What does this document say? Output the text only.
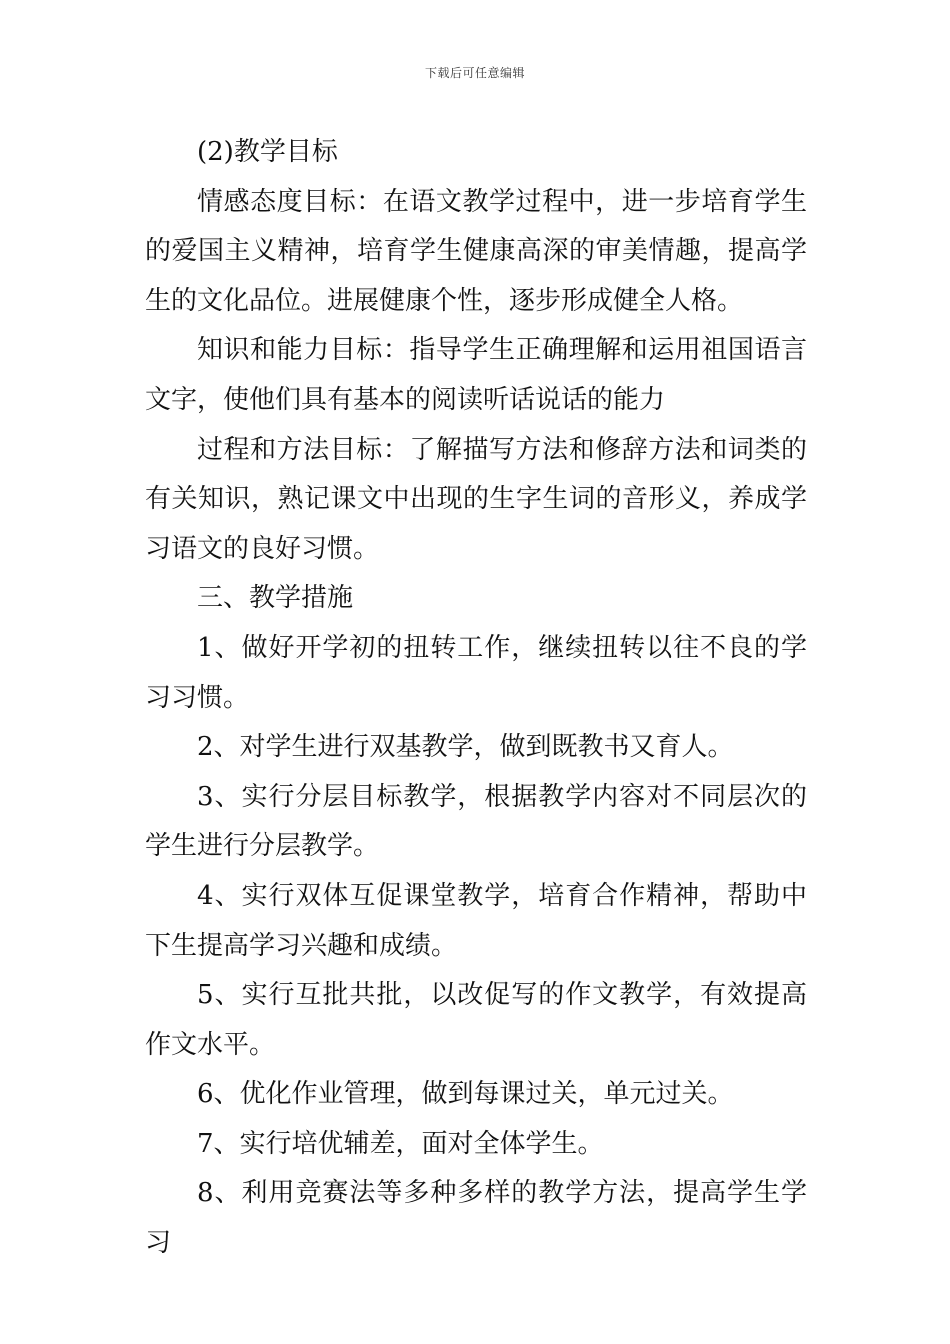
下载后可任意编辑

(2)教学目标

情感态度目标：在语文教学过程中，进一步培育学生的爱国主义精神，培育学生健康高深的审美情趣，提高学生的文化品位。进展健康个性，逐步形成健全人格。

知识和能力目标：指导学生正确理解和运用祖国语言文字，使他们具有基本的阅读听话说话的能力

过程和方法目标：了解描写方法和修辞方法和词类的有关知识，熟记课文中出现的生字生词的音形义，养成学习语文的良好习惯。

三、教学措施

1、做好开学初的扭转工作，继续扭转以往不良的学习习惯。

2、对学生进行双基教学，做到既教书又育人。

3、实行分层目标教学，根据教学内容对不同层次的学生进行分层教学。

4、实行双体互促课堂教学，培育合作精神，帮助中下生提高学习兴趣和成绩。

5、实行互批共批，以改促写的作文教学，有效提高作文水平。

6、优化作业管理，做到每课过关，单元过关。

7、实行培优辅差，面对全体学生。

8、利用竞赛法等多种多样的教学方法，提高学生学习
